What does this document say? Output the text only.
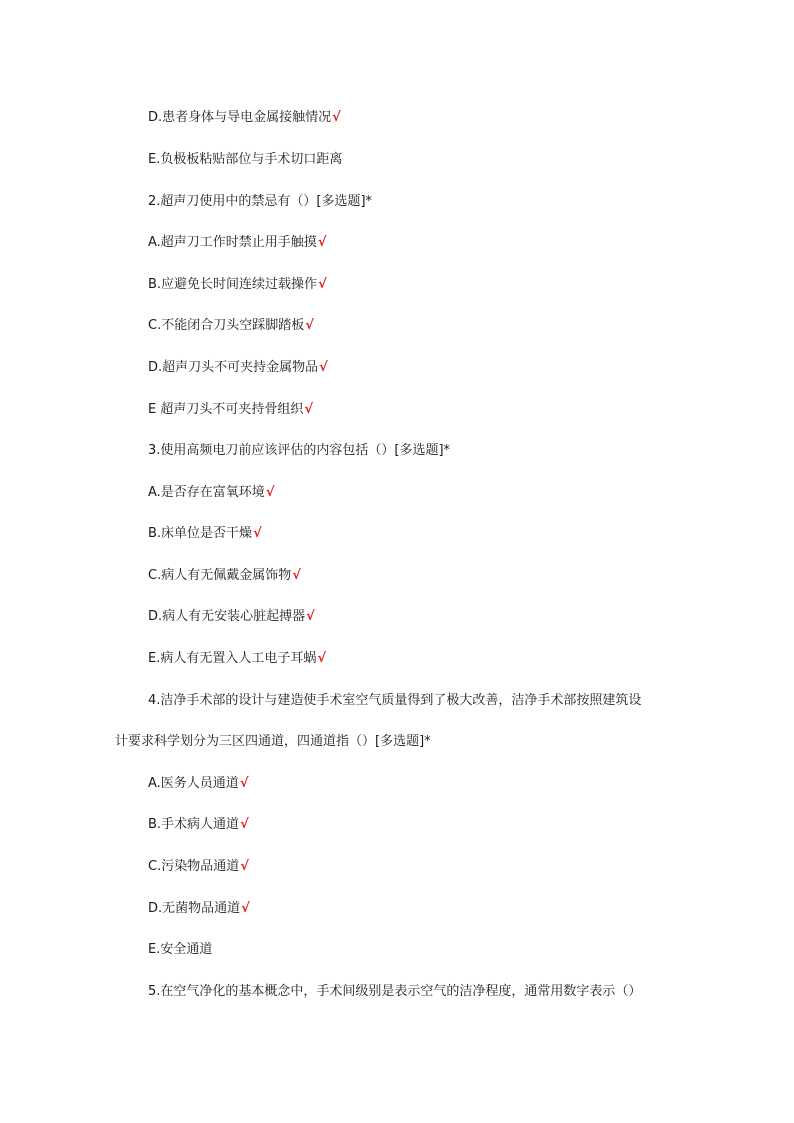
D.患者身体与导电金属接触情况√
E.负极板粘贴部位与手术切口距离
2.超声刀使用中的禁忌有（）[多选题]*
A.超声刀工作时禁止用手触摸√
B.应避免长时间连续过载操作√
C.不能闭合刀头空踩脚踏板√
D.超声刀头不可夹持金属物品√
E 超声刀头不可夹持骨组织√
3.使用高频电刀前应该评估的内容包括（）[多选题]*
A.是否存在富氧环境√
B.床单位是否干燥√
C.病人有无佩戴金属饰物√
D.病人有无安装心脏起搏器√
E.病人有无置入人工电子耳蜗√
4.洁净手术部的设计与建造使手术室空气质量得到了极大改善，洁净手术部按照建筑设
计要求科学划分为三区四通道，四通道指（）[多选题]*
A.医务人员通道√
B.手术病人通道√
C.污染物品通道√
D.无菌物品通道√
E.安全通道
5.在空气净化的基本概念中，手术间级别是表示空气的洁净程度，通常用数字表示（）
